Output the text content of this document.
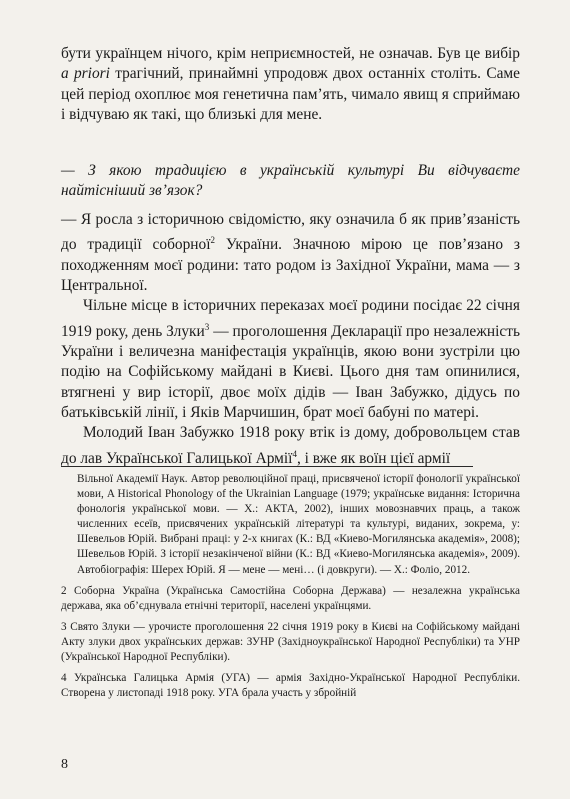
бути українцем нічого, крім неприємностей, не означав. Був це вибір a priori трагічний, принаймні упродовж двох останніх століть. Саме цей період охоплює моя генетична пам’ять, чимало явищ я сприймаю і відчуваю як такі, що близькі для мене.

— З якою традицією в українській культурі Ви відчуваєте найтісніший зв’язок?

— Я росла з історичною свідомістю, яку означила б як прив’язаність до традиції соборної$^2$ України. Значною мірою це пов’язано з походженням моєї родини: тато родом із Західної України, мама — з Центральної.

Чільне місце в історичних переказах моєї родини посідає 22 січня 1919 року, день Злуки$^3$ — проголошення Декларації про незалежність України і величезна маніфестація українців, якою вони зустріли цю подію на Софійському майдані в Києві. Цього дня там опинилися, втягнені у вир історії, двоє моїх дідів — Іван Забужко, дідусь по батьківській лінії, і Яків Марчишин, брат моєї бабуні по матері.

Молодий Іван Забужко 1918 року втік із дому, добровольцем став до лав Української Галицької Армії$^4$, і вже як воїн цієї армії

Вільної Академії Наук. Автор революційної праці, присвяченої історії фонології української мови, A Historical Phonology of the Ukrainian Language (1979; українське видання: Історична фонологія української мови. — Х.: АКТА, 2002), інших мовознавчих праць, а також численних есеїв, присвячених українській літературі та культурі, виданих, зокрема, у: Шевельов Юрій. Вибрані праці: у 2-х книгах (К.: ВД «Киево-Могилянська академія», 2008); Шевельов Юрій. З історії незакінченої війни (К.: ВД «Киево-Могилянська академія», 2009). Автобіографія: Шерех Юрій. Я — мене — мені… (і довкруги). — Х.: Фоліо, 2012.

2 Соборна Україна (Українська Самостійна Соборна Держава) — незалежна українська держава, яка об’єднувала етнічні території, населені українцями.

3 Свято Злуки — урочисте проголошення 22 січня 1919 року в Києві на Софійському майдані Акту злуки двох українських держав: ЗУНР (Західноукраїнської Народної Республіки) та УНР (Української Народної Республіки).

4 Українська Галицька Армія (УГА) — армія Західно-Української Народної Республіки. Створена у листопаді 1918 року. УГА брала участь у збройній

8
